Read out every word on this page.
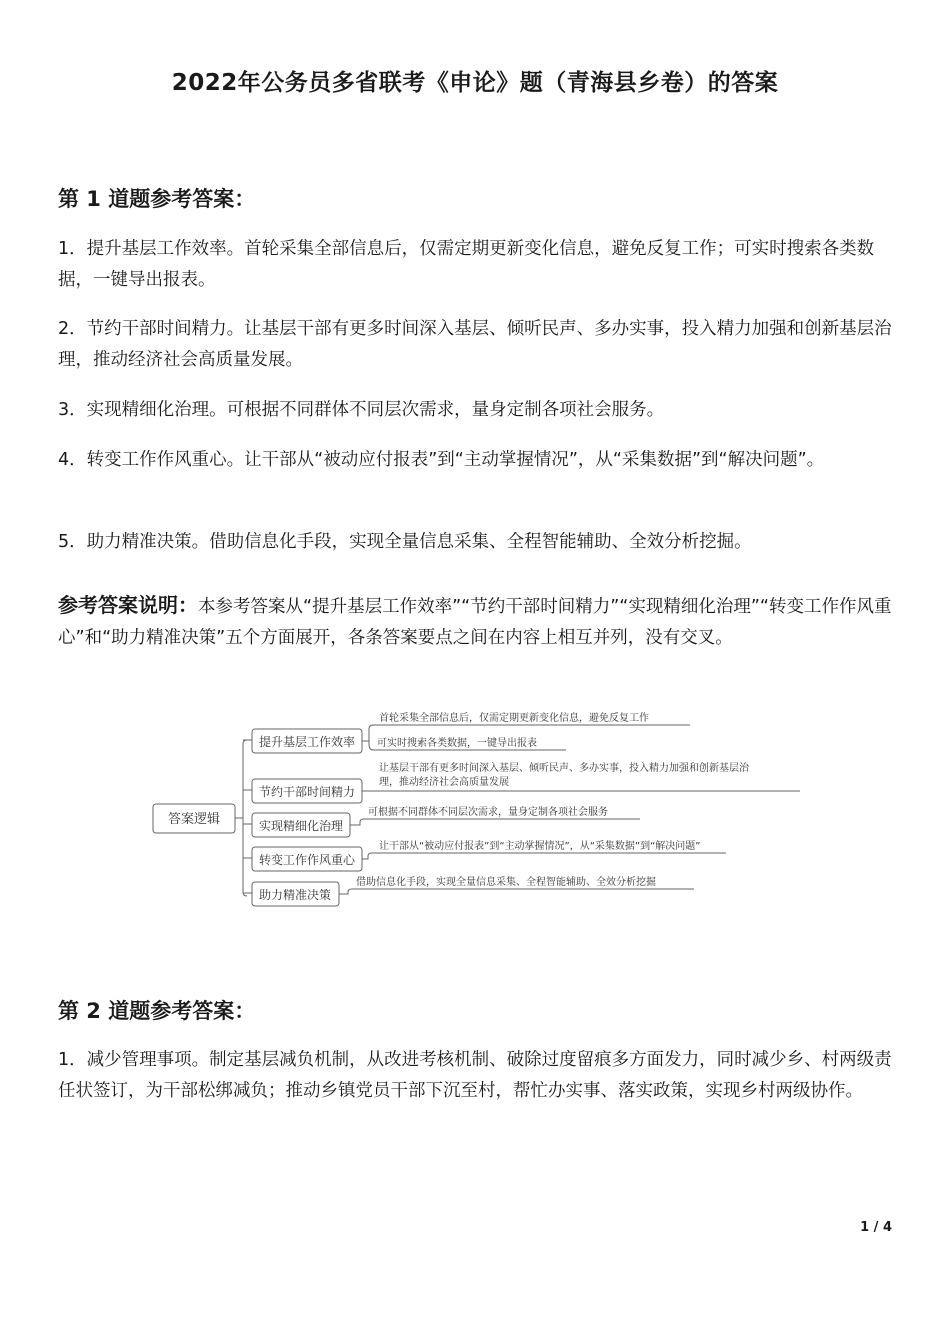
2022年公务员多省联考《申论》题（青海县乡卷）的答案
第 1 道题参考答案：
1．提升基层工作效率。首轮采集全部信息后，仅需定期更新变化信息，避免反复工作；可实时搜索各类数据，一键导出报表。
2．节约干部时间精力。让基层干部有更多时间深入基层、倾听民声、多办实事，投入精力加强和创新基层治理，推动经济社会高质量发展。
3．实现精细化治理。可根据不同群体不同层次需求，量身定制各项社会服务。
4．转变工作作风重心。让干部从“被动应付报表”到“主动掌握情况”，从“采集数据”到“解决问题”。
5．助力精准决策。借助信息化手段，实现全量信息采集、全程智能辅助、全效分析挖掘。
参考答案说明：本参考答案从“提升基层工作效率”“节约干部时间精力”“实现精细化治理”“转变工作作风重心”和“助力精准决策”五个方面展开，各条答案要点之间在内容上相互并列，没有交叉。
答案逻辑
提升基层工作效率
节约干部时间精力
实现精细化治理
转变工作作风重心
助力精准决策
首轮采集全部信息后，仅需定期更新变化信息，避免反复工作
可实时搜索各类数据，一键导出报表
让基层干部有更多时间深入基层、倾听民声、多办实事，投入精力加强和创新基层治
理，推动经济社会高质量发展
可根据不同群体不同层次需求，量身定制各项社会服务
让干部从“被动应付报表”到“主动掌握情况”，从“采集数据”到“解决问题”
借助信息化手段，实现全量信息采集、全程智能辅助、全效分析挖掘
第 2 道题参考答案：
1．减少管理事项。制定基层减负机制，从改进考核机制、破除过度留痕多方面发力，同时减少乡、村两级责任状签订，为干部松绑减负；推动乡镇党员干部下沉至村，帮忙办实事、落实政策，实现乡村两级协作。
1 / 4
